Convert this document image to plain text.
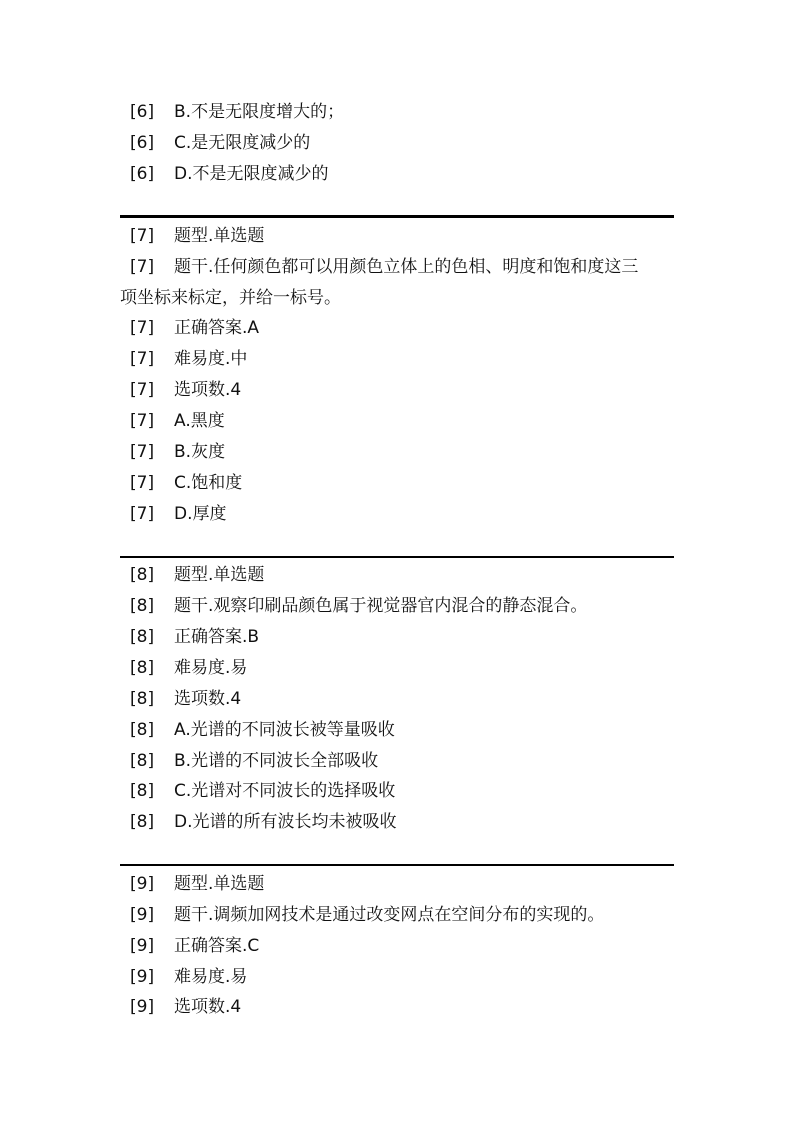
[6] B.不是无限度增大的；
[6] C.是无限度减少的
[6] D.不是无限度减少的
[7] 题型.单选题
[7] 题干.任何颜色都可以用颜色立体上的色相、明度和饱和度这三
项坐标来标定，并给一标号。
[7] 正确答案.A
[7] 难易度.中
[7] 选项数.4
[7] A.黑度
[7] B.灰度
[7] C.饱和度
[7] D.厚度
[8] 题型.单选题
[8] 题干.观察印刷品颜色属于视觉器官内混合的静态混合。
[8] 正确答案.B
[8] 难易度.易
[8] 选项数.4
[8] A.光谱的不同波长被等量吸收
[8] B.光谱的不同波长全部吸收
[8] C.光谱对不同波长的选择吸收
[8] D.光谱的所有波长均未被吸收
[9] 题型.单选题
[9] 题干.调频加网技术是通过改变网点在空间分布的实现的。
[9] 正确答案.C
[9] 难易度.易
[9] 选项数.4
